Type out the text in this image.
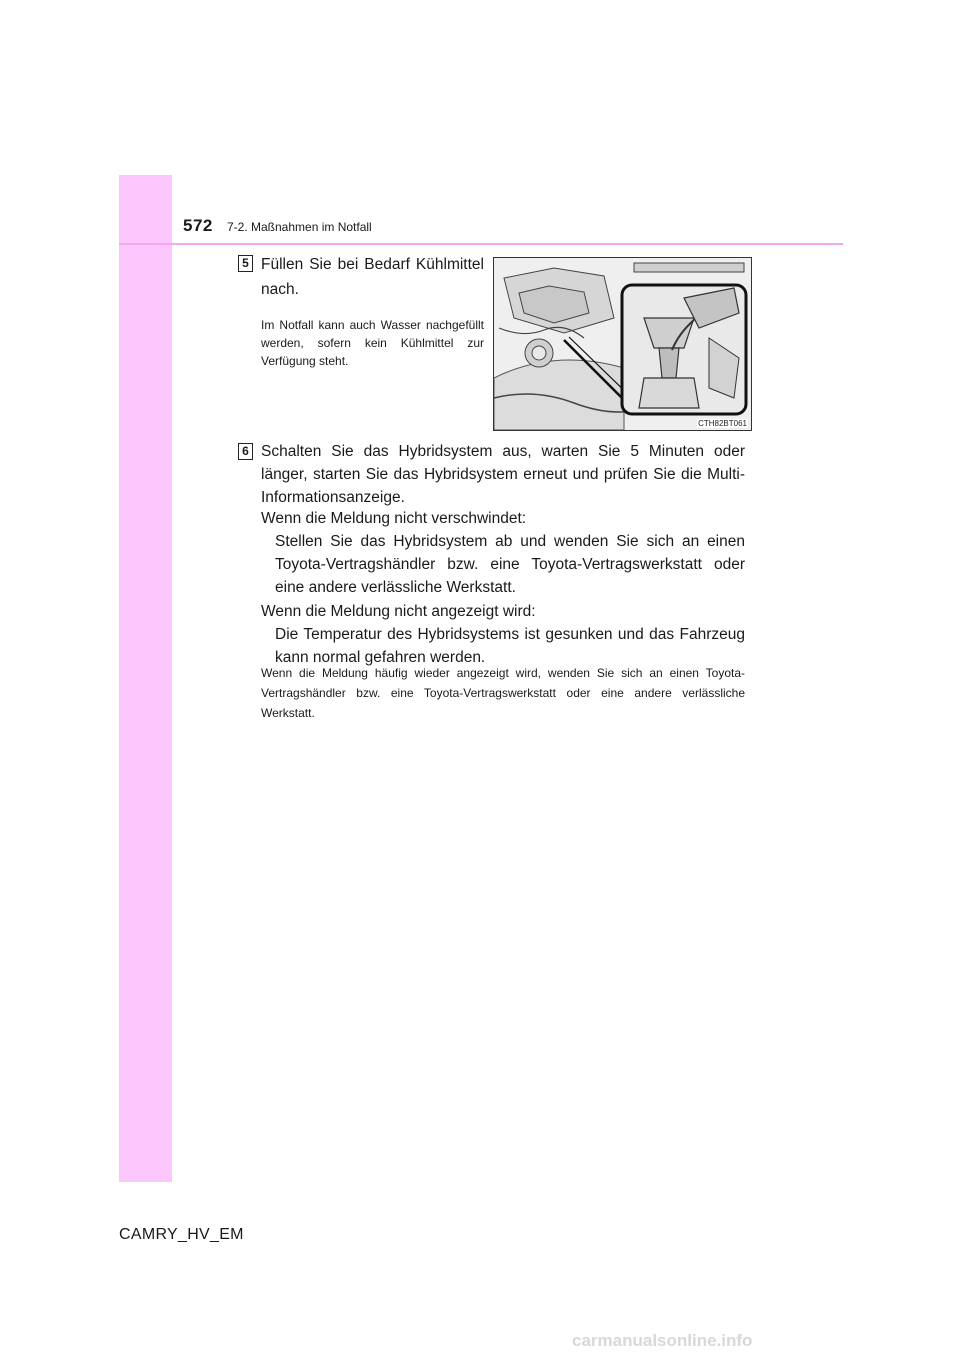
572 7-2. Maßnahmen im Notfall
5 Füllen Sie bei Bedarf Kühlmittel nach.
Im Notfall kann auch Wasser nachgefüllt werden, sofern kein Kühlmittel zur Verfügung steht.
CTH82BT061
6 Schalten Sie das Hybridsystem aus, warten Sie 5 Minuten oder länger, starten Sie das Hybridsystem erneut und prüfen Sie die Multi-Informationsanzeige.
Wenn die Meldung nicht verschwindet:
Stellen Sie das Hybridsystem ab und wenden Sie sich an einen Toyota-Vertragshändler bzw. eine Toyota-Vertragswerkstatt oder eine andere verlässliche Werkstatt.
Wenn die Meldung nicht angezeigt wird:
Die Temperatur des Hybridsystems ist gesunken und das Fahrzeug kann normal gefahren werden.
Wenn die Meldung häufig wieder angezeigt wird, wenden Sie sich an einen Toyota-Vertragshändler bzw. eine Toyota-Vertragswerkstatt oder eine andere verlässliche Werkstatt.
CAMRY_HV_EM
carmanualsonline.info
